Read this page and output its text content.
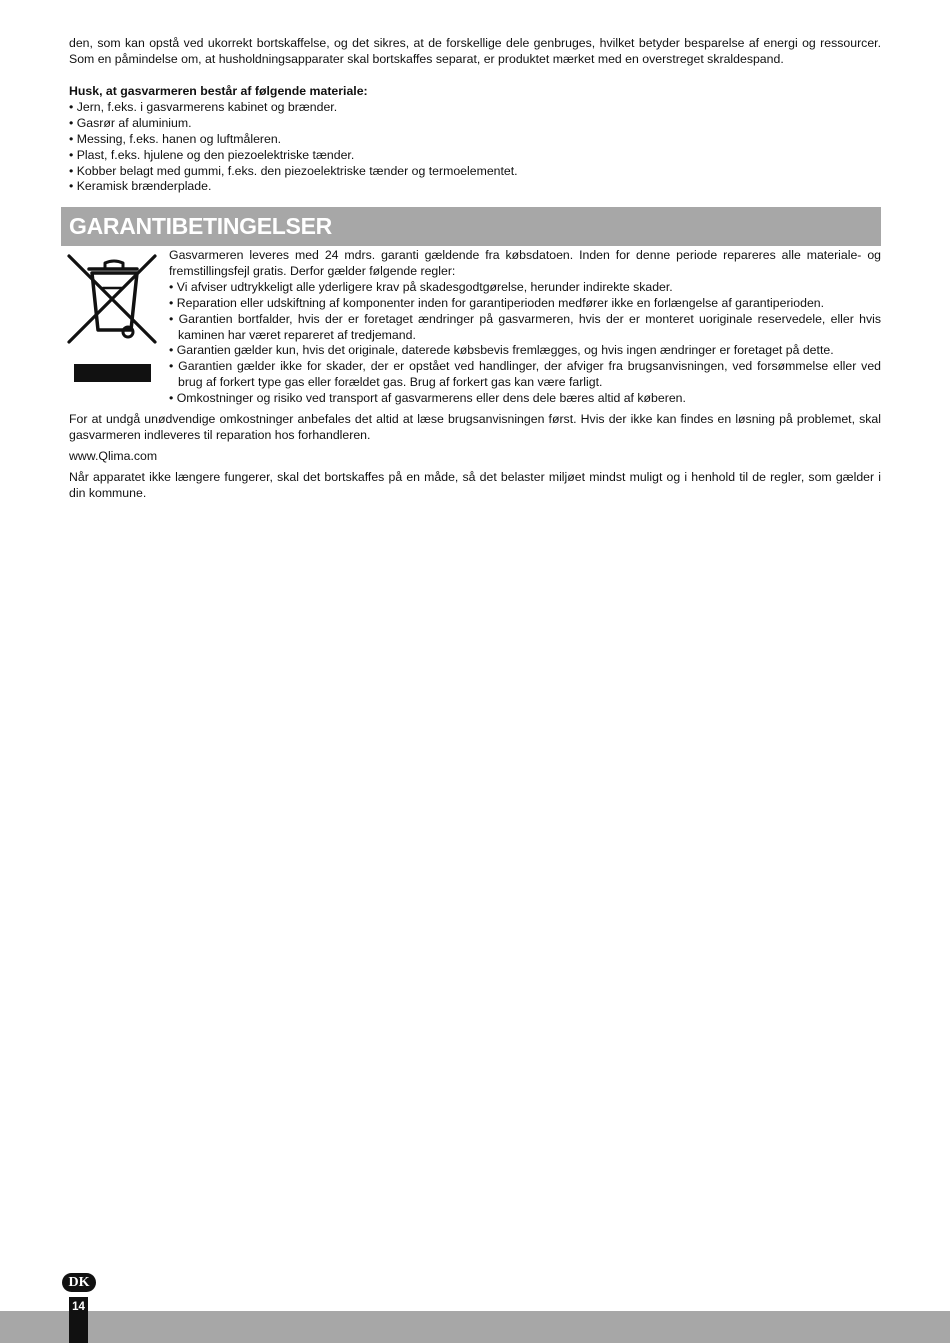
den, som kan opstå ved ukorrekt bortskaffelse, og det sikres, at de forskellige dele genbruges, hvilket betyder besparelse af energi og ressourcer. Som en påmindelse om, at husholdningsapparater skal bortskaffes separat, er produktet mærket med en overstreget skraldespand.

Husk, at gasvarmeren består af følgende materiale:

• Jern, f.eks. i gasvarmerens kabinet og brænder.
• Gasrør af aluminium.
• Messing, f.eks. hanen og luftmåleren.
• Plast, f.eks. hjulene og den piezoelektriske tænder.
• Kobber belagt med gummi, f.eks. den piezoelektriske tænder og termoelementet.
• Keramisk brænderplade.
GARANTIBETINGELSER

Gasvarmeren leveres med 24 mdrs. garanti gældende fra købsdatoen. Inden for denne periode repareres alle materiale- og fremstillingsfejl gratis. Derfor gælder følgende regler:

• Vi afviser udtrykkeligt alle yderligere krav på skadesgodtgørelse, herunder indirekte skader.
• Reparation eller udskiftning af komponenter inden for garantiperioden medfører ikke en forlængelse af garantiperioden.
• Garantien bortfalder, hvis der er foretaget ændringer på gasvarmeren, hvis der er monteret uoriginale reservedele, eller hvis kaminen har været repareret af tredjemand.
• Garantien gælder kun, hvis det originale, daterede købsbevis fremlægges, og hvis ingen ændringer er foretaget på dette.
• Garantien gælder ikke for skader, der er opstået ved handlinger, der afviger fra brugsanvisningen, ved forsømmelse eller ved brug af forkert type gas eller forældet gas. Brug af forkert gas kan være farligt.
• Omkostninger og risiko ved transport af gasvarmerens eller dens dele bæres altid af køberen.

For at undgå unødvendige omkostninger anbefales det altid at læse brugsanvisningen først. Hvis der ikke kan findes en løsning på problemet, skal gasvarmeren indleveres til reparation hos forhandleren.

www.Qlima.com

Når apparatet ikke længere fungerer, skal det bortskaffes på en måde, så det belaster miljøet mindst muligt og i henhold til de regler, som gælder i din kommune.

DK
14
